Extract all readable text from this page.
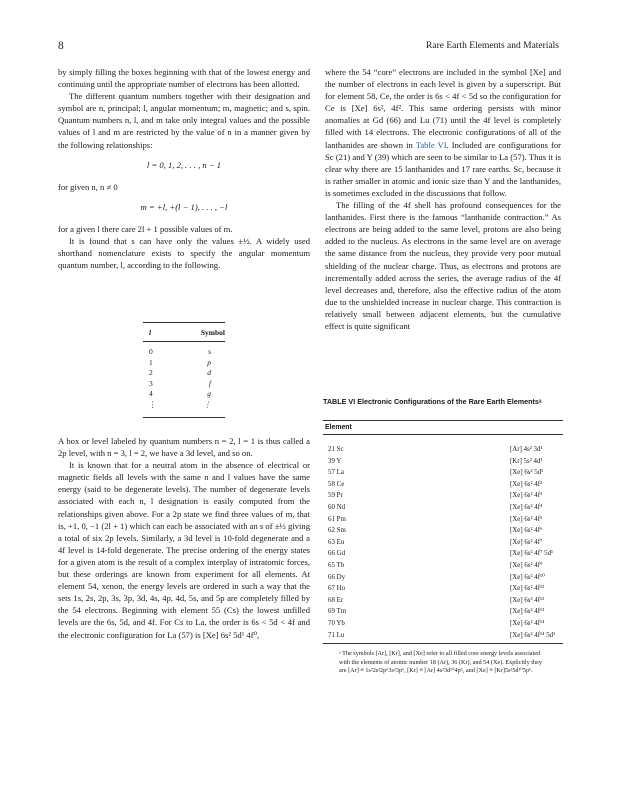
8	Rare Earth Elements and Materials

by simply filling the boxes beginning with that of the lowest energy and continuing until the appropriate number of electrons has been allotted.

The different quantum numbers together with their designation and symbol are n, principal; l, angular momentum; m, magnetic; and s, spin. Quantum numbers n, l, and m take only integral values and the possible values of l and m are restricted by the value of n in a manner given by the following relationships:

l = 0, 1, 2, . . . , n − 1

for given n, n ≠ 0

m = +l, +(l − 1), . . . , −l

for a given l there care 2l + 1 possible values of m.

It is found that s can have only the values ±½. A widely used shorthand nomenclature exists to specify the angular momentum quantum number, l, according to the following.

l	Symbol
0	s
1	p
2	d
3	f
4	g
⋮	⋮

A box or level labeled by quantum numbers n = 2, l = 1 is thus called a 2p level, with n = 3, l = 2, we have a 3d level, and so on.

It is known that for a neutral atom in the absence of electrical or magnetic fields all levels with the same n and l values have the same energy (said to be degenerate levels). The number of degenerate levels associated with each n, l designation is easily computed from the relationships given above. For a 2p state we find three values of m, that is, +1, 0, −1 (2l + 1) which can each be associated with an s of ±½ giving a total of six 2p levels. Similarly, a 3d level is 10-fold degenerate and a 4f level is 14-fold degenerate. The precise ordering of the energy states for a given atom is the result of a complex interplay of intratomic forces, but these orderings are known from experiment for all elements. At element 54, xenon, the energy levels are ordered in such a way that the sets 1s, 2s, 2p, 3s, 3p, 3d, 4s, 4p, 4d, 5s, and 5p are completely filled by the 54 electrons. Beginning with element 55 (Cs) the lowest unfilled levels are the 6s, 5d, and 4f. For Cs to La, the order is 6s < 5d < 4f and the electronic configuration for La (57) is [Xe] 6s² 5d¹ 4f⁰,

where the 54 “core” electrons are included in the symbol [Xe] and the number of electrons in each level is given by a superscript. But for element 58, Ce, the order is 6s < 4f < 5d so the configuration for Ce is [Xe] 6s², 4f². This same ordering persists with minor anomalies at Gd (66) and Lu (71) until the 4f level is completely filled with 14 electrons. The electronic configurations of all of the lanthanides are shown in Table VI. Included are configurations for Sc (21) and Y (39) which are seen to be similar to La (57). Thus it is clear why there are 15 lanthanides and 17 rare earths. Sc, because it is rather smaller in atomic and ionic size than Y and the lanthanides, is sometimes excluded in the discussions that follow.

The filling of the 4f shell has profound consequences for the lanthanides. First there is the famous “lanthanide contraction.” As electrons are being added to the same level, protons are also being added to the nucleus. As electrons in the same level are on average the same distance from the nucleus, they provide very poor mutual shielding of the nuclear charge. Thus, as electrons and protons are incrementally added across the series, the average radius of the 4f level decreases and, therefore, also the effective radius of the atom due to the unshielded increase in nuclear charge. This contraction is relatively small between adjacent elements, but the cumulative effect is quite significant

TABLE VI Electronic Configurations of the Rare Earth Elementsᵃ
Element
21 Sc	[Ar] 4s² 3d¹
39 Y	[Kr] 5s² 4d¹
57 La	[Xe] 6s² 5d¹
58 Ce	[Xe] 6s² 4f²
59 Pr	[Xe] 6s² 4f³
60 Nd	[Xe] 6s² 4f⁴
61 Pm	[Xe] 6s² 4f⁵
62 Sm	[Xe] 6s² 4f⁶
63 Eu	[Xe] 6s² 4f⁷
66 Gd	[Xe] 6s² 4f⁷ 5d¹
65 Tb	[Xe] 6s² 4f⁹
66 Dy	[Xe] 6s² 4f¹⁰
67 Ho	[Xe] 6s² 4f¹¹
68 Er	[Xe] 6s² 4f¹²
69 Tm	[Xe] 6s² 4f¹³
70 Yb	[Xe] 6s² 4f¹⁴
71 Lu	[Xe] 6s² 4f¹⁴ 5d¹
ᵃ The symbols [Ar], [Kr], and [Xe] refer to all filled core energy levels associated with the elements of atomic number 18 (Ar), 36 (Kr), and 54 (Xe). Explicitly they are [Ar] ≡ 1s²2s²2p⁶3s²3p⁶, [Kr] ≡ [Ar] 4s²3d¹⁰4p⁶, and [Xe] ≡ [Kr]5s²5d¹⁰5p⁶.
